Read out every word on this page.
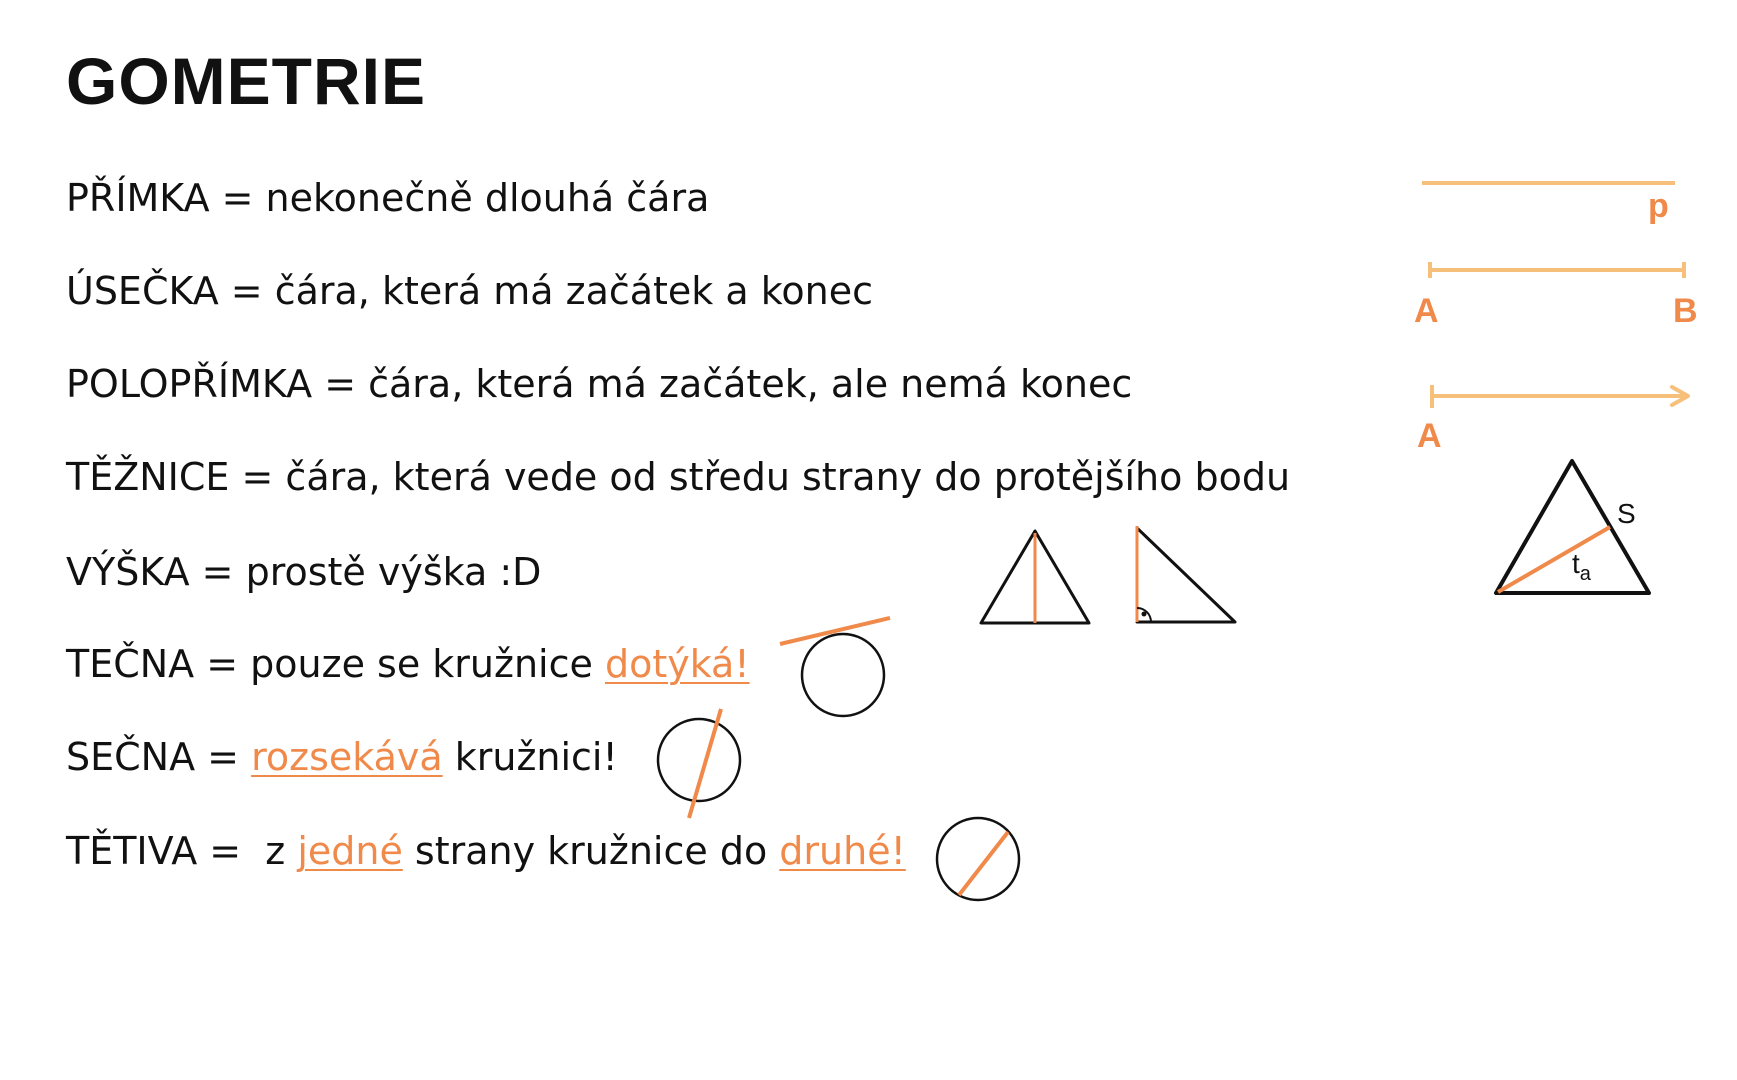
GOMETRIE
PŘÍMKA = nekonečně dlouhá čára
ÚSEČKA = čára, která má začátek a konec
POLOPŘÍMKA = čára, která má začátek, ale nemá konec
TĚŽNICE = čára, která vede od středu strany do protějšího bodu
VÝŠKA = prostě výška :D
TEČNA = pouze se kružnice dotýká!
SEČNA = rozsekává kružnici!
TĚTIVA =  z jedné strany kružnice do druhé!
p
A	B
A
S
$t_a$
